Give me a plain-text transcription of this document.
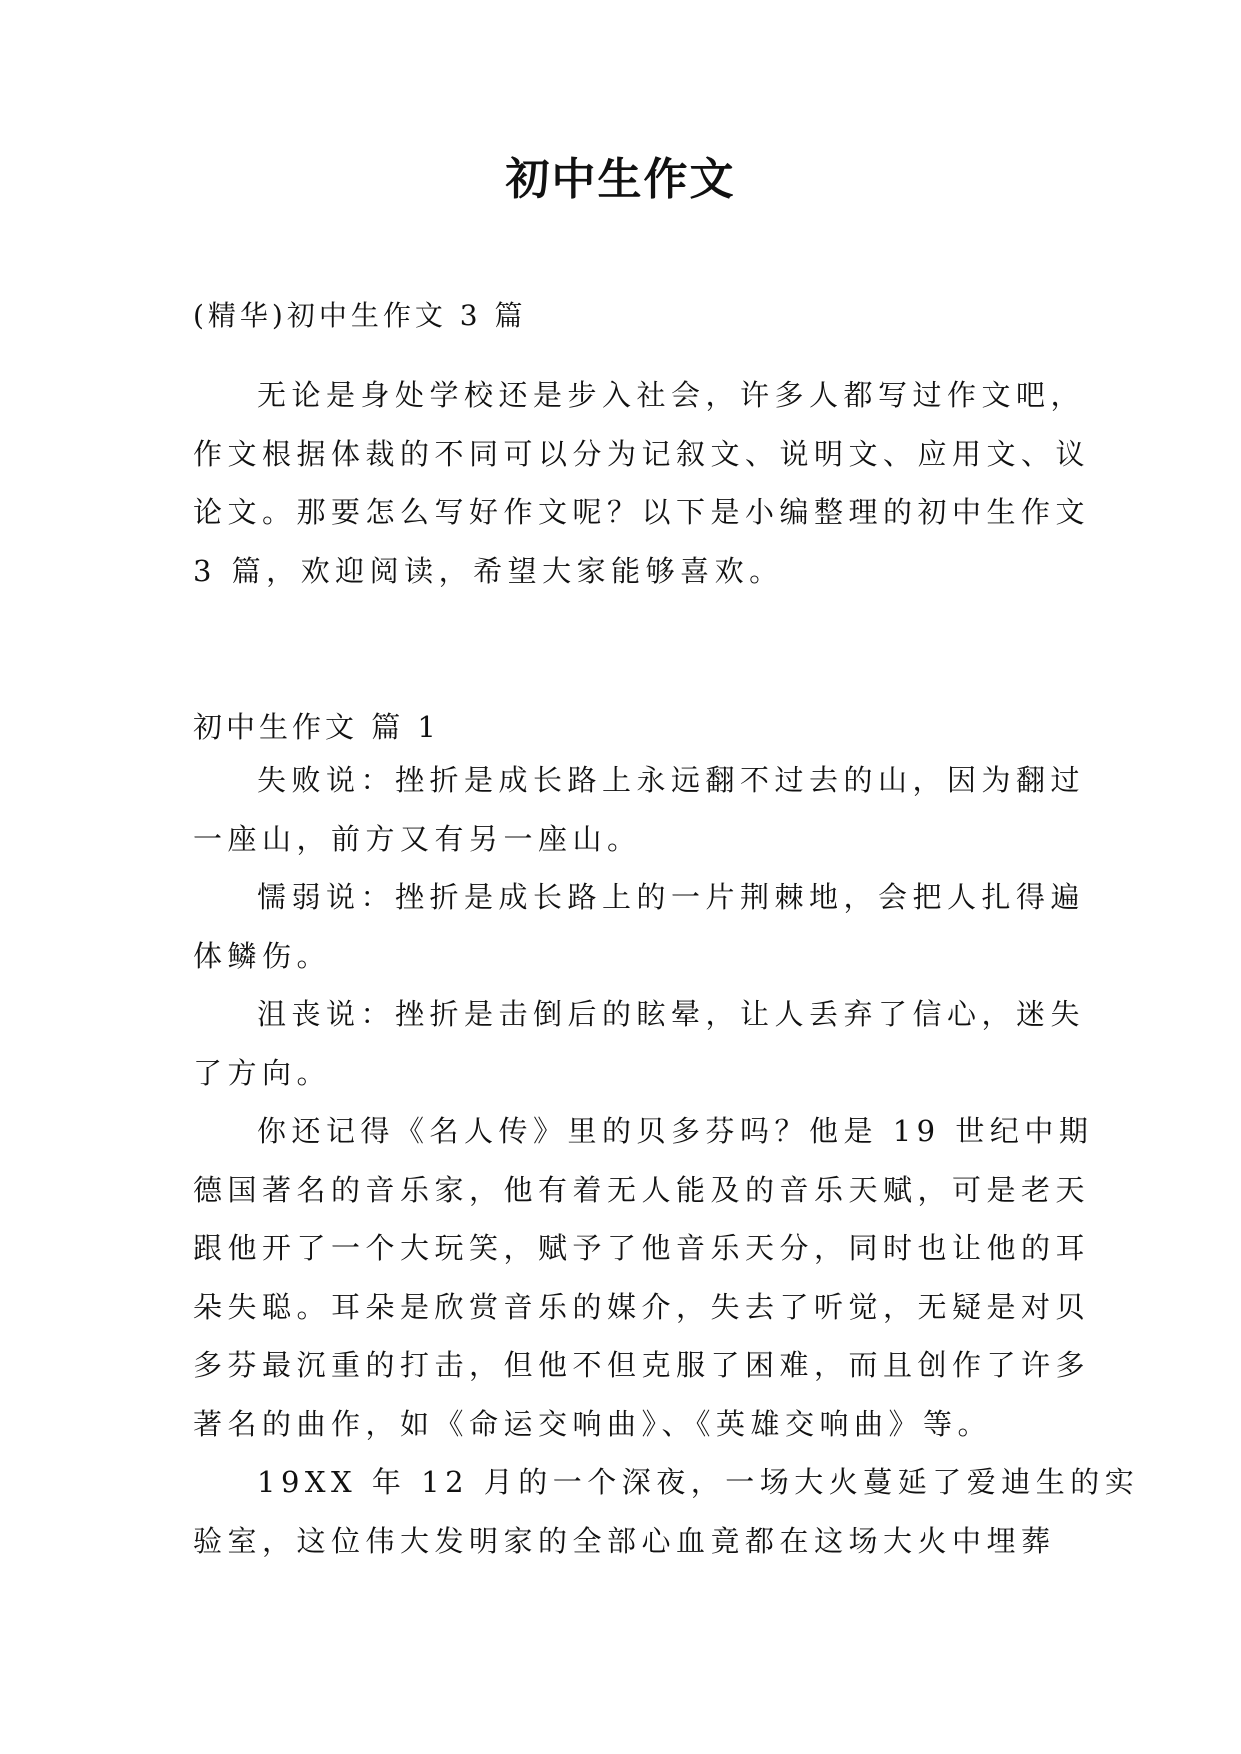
初中生作文
(精华)初中生作文 3 篇
无论是身处学校还是步入社会，许多人都写过作文吧，
作文根据体裁的不同可以分为记叙文、说明文、应用文、议
论文。那要怎么写好作文呢？以下是小编整理的初中生作文
3 篇，欢迎阅读，希望大家能够喜欢。
初中生作文 篇 1
失败说：挫折是成长路上永远翻不过去的山，因为翻过
一座山，前方又有另一座山。
懦弱说：挫折是成长路上的一片荆棘地，会把人扎得遍
体鳞伤。
沮丧说：挫折是击倒后的眩晕，让人丢弃了信心，迷失
了方向。
你还记得《名人传》里的贝多芬吗？他是 19 世纪中期
德国著名的音乐家，他有着无人能及的音乐天赋，可是老天
跟他开了一个大玩笑，赋予了他音乐天分，同时也让他的耳
朵失聪。耳朵是欣赏音乐的媒介，失去了听觉，无疑是对贝
多芬最沉重的打击，但他不但克服了困难，而且创作了许多
著名的曲作，如《命运交响曲》、《英雄交响曲》等。
19XX 年 12 月的一个深夜，一场大火蔓延了爱迪生的实
验室，这位伟大发明家的全部心血竟都在这场大火中埋葬
